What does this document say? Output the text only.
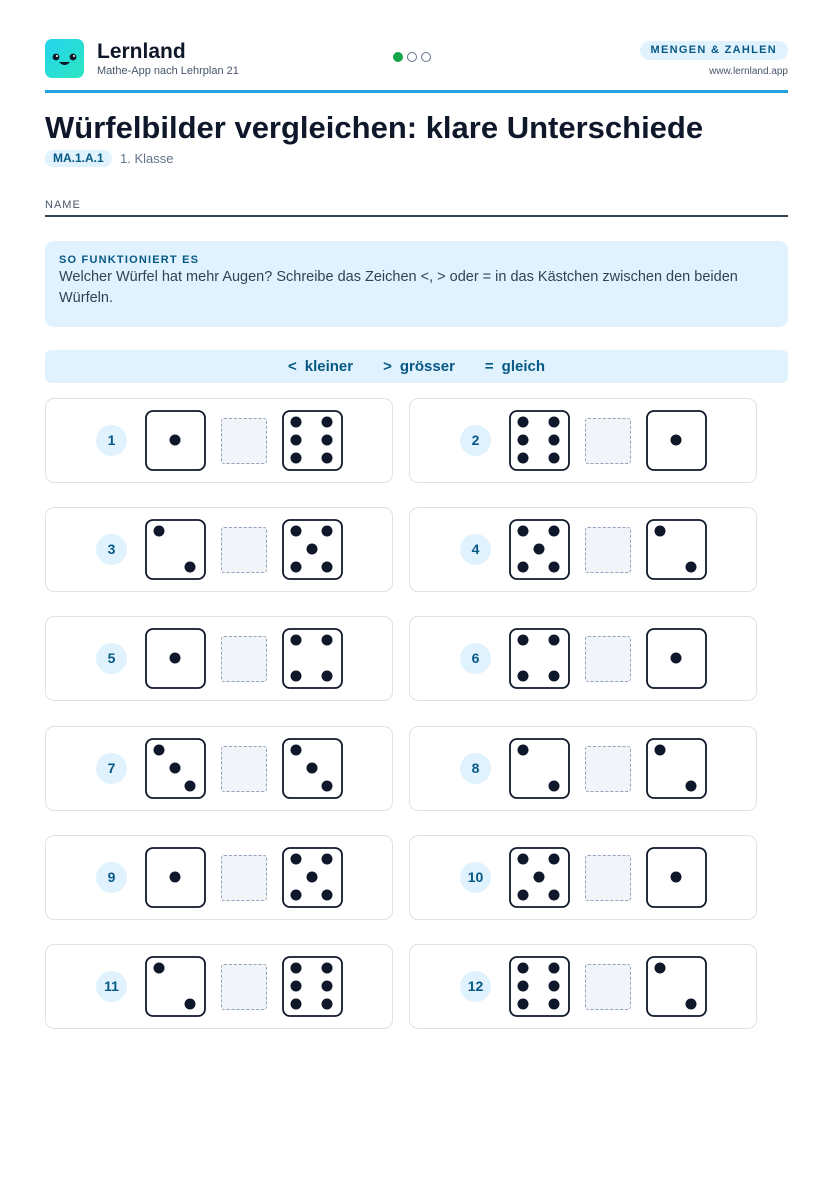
Lernland
Mathe-App nach Lehrplan 21
MENGEN & ZAHLEN
www.lernland.app
Würfelbilder vergleichen: klare Unterschiede
MA.1.A.1	1. Klasse
NAME
SO FUNKTIONIERT ES
Welcher Würfel hat mehr Augen? Schreibe das Zeichen <, > oder = in das Kästchen zwischen den beiden Würfeln.
< kleiner > grösser = gleich
1	2
3	4
5	6
7	8
9	10
11	12
